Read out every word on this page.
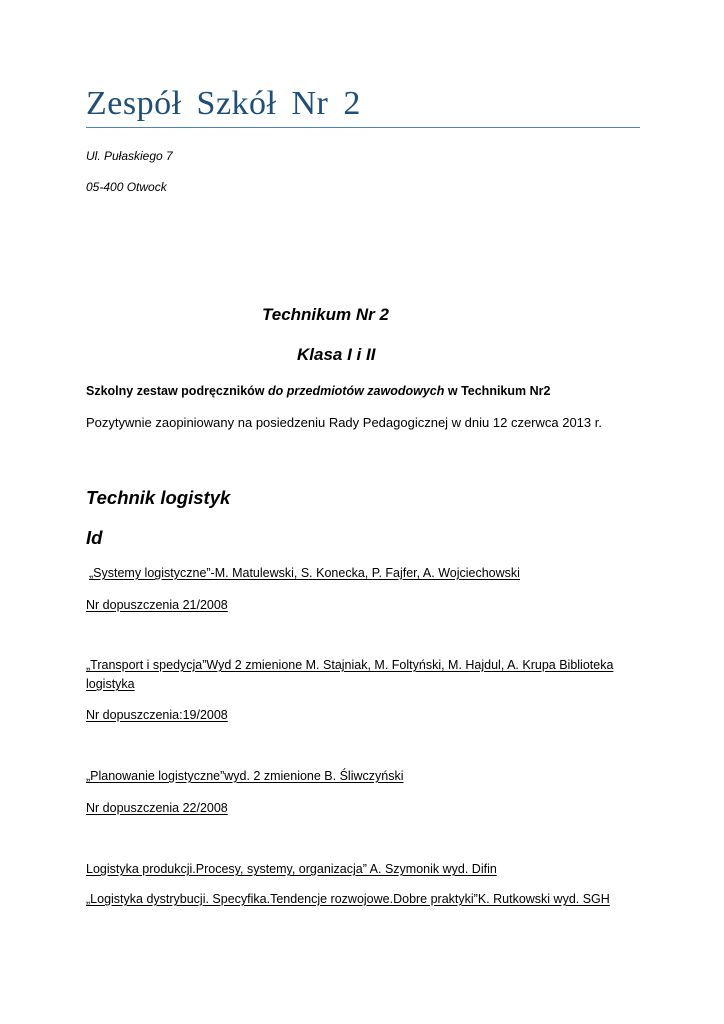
Zespół Szkół Nr 2
Ul. Pułaskiego 7
05-400 Otwock
Technikum Nr 2
Klasa I i II
Szkolny zestaw podręczników do przedmiotów zawodowych w Technikum Nr2
Pozytywnie zaopiniowany na posiedzeniu Rady Pedagogicznej w dniu 12 czerwca 2013 r.
Technik logistyk
Id
„Systemy logistyczne”-M. Matulewski, S. Konecka, P. Fajfer, A. Wojciechowski
Nr dopuszczenia 21/2008
„Transport i spedycja”Wyd 2 zmienione M. Stajniak, M. Foltyński, M. Hajdul, A. Krupa Biblioteka logistyka
Nr dopuszczenia:19/2008
„Planowanie logistyczne”wyd. 2 zmienione B. Śliwczyński
Nr dopuszczenia 22/2008
Logistyka produkcji.Procesy, systemy, organizacja” A. Szymonik wyd. Difin
„Logistyka dystrybucji. Specyfika.Tendencje rozwojowe.Dobre praktyki”K. Rutkowski wyd. SGH
